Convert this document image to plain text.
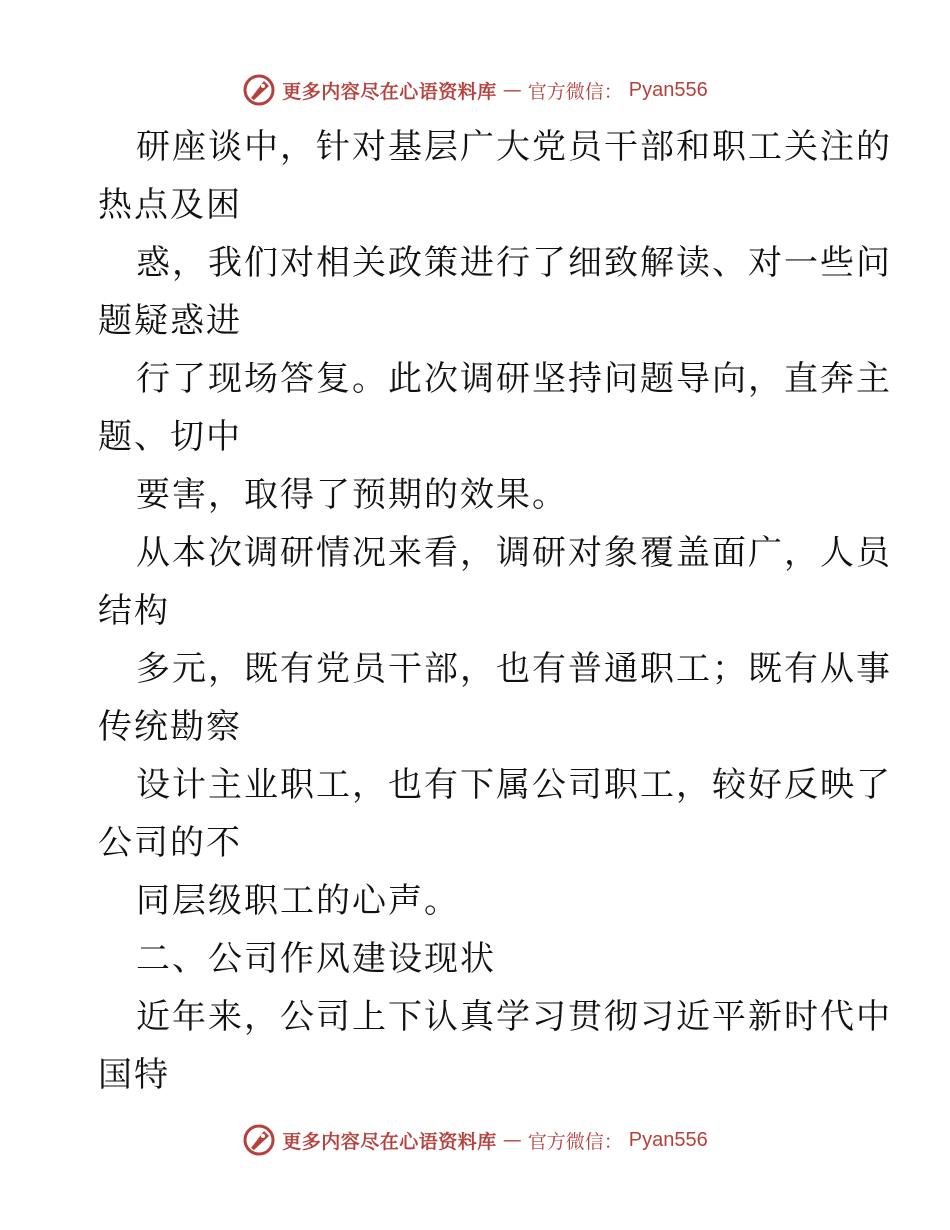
更多内容尽在心语资料库 — 官方微信： Pyan556
研座谈中，针对基层广大党员干部和职工关注的
热点及困
惑，我们对相关政策进行了细致解读、对一些问
题疑惑进
行了现场答复。此次调研坚持问题导向，直奔主
题、切中
要害，取得了预期的效果。
从本次调研情况来看，调研对象覆盖面广，人员
结构
多元，既有党员干部，也有普通职工；既有从事
传统勘察
设计主业职工，也有下属公司职工，较好反映了
公司的不
同层级职工的心声。
二、公司作风建设现状
近年来，公司上下认真学习贯彻习近平新时代中
国特
更多内容尽在心语资料库 — 官方微信： Pyan556
